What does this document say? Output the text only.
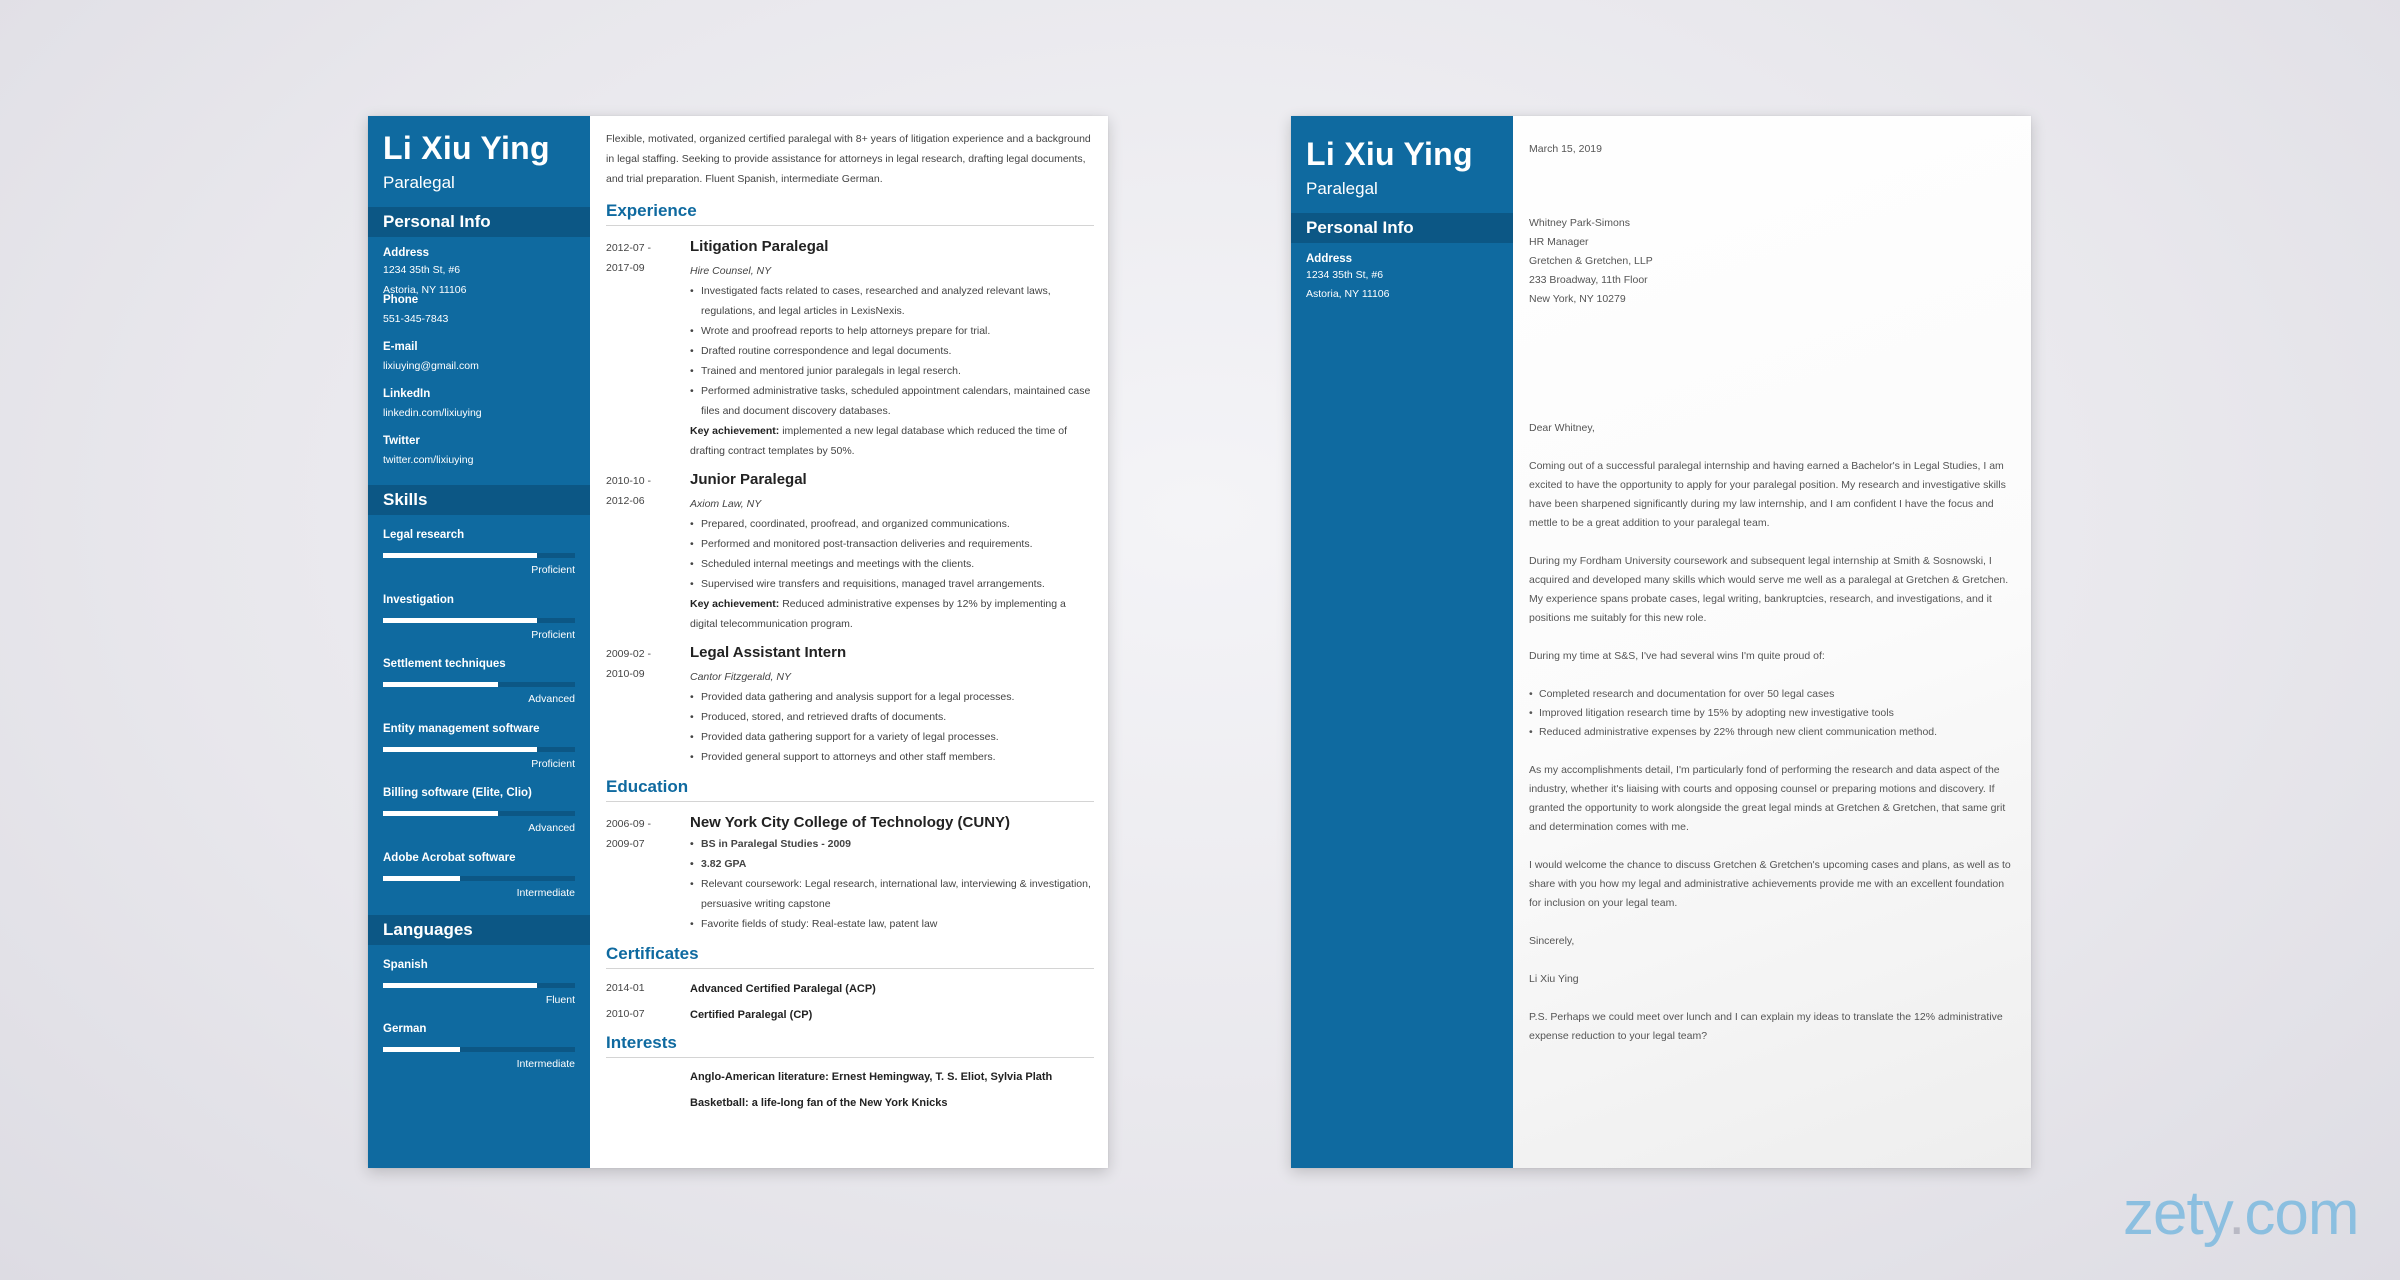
Li Xiu Ying
Paralegal
Personal Info
Address
1234 35th St, #6
Astoria, NY 11106
Phone
551-345-7843
E-mail
lixiuying@gmail.com
LinkedIn
linkedin.com/lixiuying
Twitter
twitter.com/lixiuying
Skills
Legal research
Proficient
Investigation
Proficient
Settlement techniques
Advanced
Entity management software
Proficient
Billing software (Elite, Clio)
Advanced
Adobe Acrobat software
Intermediate
Languages
Spanish
Fluent
German
Intermediate
Flexible, motivated, organized certified paralegal with 8+ years of litigation experience and a background in legal staffing. Seeking to provide assistance for attorneys in legal research, drafting legal documents, and trial preparation. Fluent Spanish, intermediate German.
Experience
2012-07 -
2017-09
Litigation Paralegal
Hire Counsel, NY
• Investigated facts related to cases, researched and analyzed relevant laws, regulations, and legal articles in LexisNexis.
• Wrote and proofread reports to help attorneys prepare for trial.
• Drafted routine correspondence and legal documents.
• Trained and mentored junior paralegals in legal reserch.
• Performed administrative tasks, scheduled appointment calendars, maintained case files and document discovery databases.
Key achievement: implemented a new legal database which reduced the time of drafting contract templates by 50%.
2010-10 -
2012-06
Junior Paralegal
Axiom Law, NY
• Prepared, coordinated, proofread, and organized communications.
• Performed and monitored post-transaction deliveries and requirements.
• Scheduled internal meetings and meetings with the clients.
• Supervised wire transfers and requisitions, managed travel arrangements.
Key achievement: Reduced administrative expenses by 12% by implementing a digital telecommunication program.
2009-02 -
2010-09
Legal Assistant Intern
Cantor Fitzgerald, NY
• Provided data gathering and analysis support for a legal processes.
• Produced, stored, and retrieved drafts of documents.
• Provided data gathering support for a variety of legal processes.
• Provided general support to attorneys and other staff members.
Education
2006-09 -
2009-07
New York City College of Technology (CUNY)
• BS in Paralegal Studies - 2009
• 3.82 GPA
• Relevant coursework: Legal research, international law, interviewing & investigation, persuasive writing capstone
• Favorite fields of study: Real-estate law, patent law
Certificates
2014-01	Advanced Certified Paralegal (ACP)
2010-07	Certified Paralegal (CP)
Interests
Anglo-American literature: Ernest Hemingway, T. S. Eliot, Sylvia Plath
Basketball: a life-long fan of the New York Knicks
Li Xiu Ying
Paralegal
Personal Info
Address
1234 35th St, #6
Astoria, NY 11106

March 15, 2019

Whitney Park-Simons

HR Manager

Gretchen & Gretchen, LLP

233 Broadway, 11th Floor

New York, NY 10279

Dear Whitney,

Coming out of a successful paralegal internship and having earned a Bachelor's in Legal Studies, I am excited to have the opportunity to apply for your paralegal position. My research and investigative skills have been sharpened significantly during my law internship, and I am confident I have the focus and mettle to be a great addition to your paralegal team.

During my Fordham University coursework and subsequent legal internship at Smith & Sosnowski, I acquired and developed many skills which would serve me well as a paralegal at Gretchen & Gretchen. My experience spans probate cases, legal writing, bankruptcies, research, and investigations, and it positions me suitably for this new role.

During my time at S&S, I've had several wins I'm quite proud of:

• Completed research and documentation for over 50 legal cases
• Improved litigation research time by 15% by adopting new investigative tools
• Reduced administrative expenses by 22% through new client communication method.

As my accomplishments detail, I'm particularly fond of performing the research and data aspect of the industry, whether it's liaising with courts and opposing counsel or preparing motions and discovery. If granted the opportunity to work alongside the great legal minds at Gretchen & Gretchen, that same grit and determination comes with me.

I would welcome the chance to discuss Gretchen & Gretchen's upcoming cases and plans, as well as to share with you how my legal and administrative achievements provide me with an excellent foundation for inclusion on your legal team.

Sincerely,

Li Xiu Ying

P.S. Perhaps we could meet over lunch and I can explain my ideas to translate the 12% administrative expense reduction to your legal team?

zety.com
